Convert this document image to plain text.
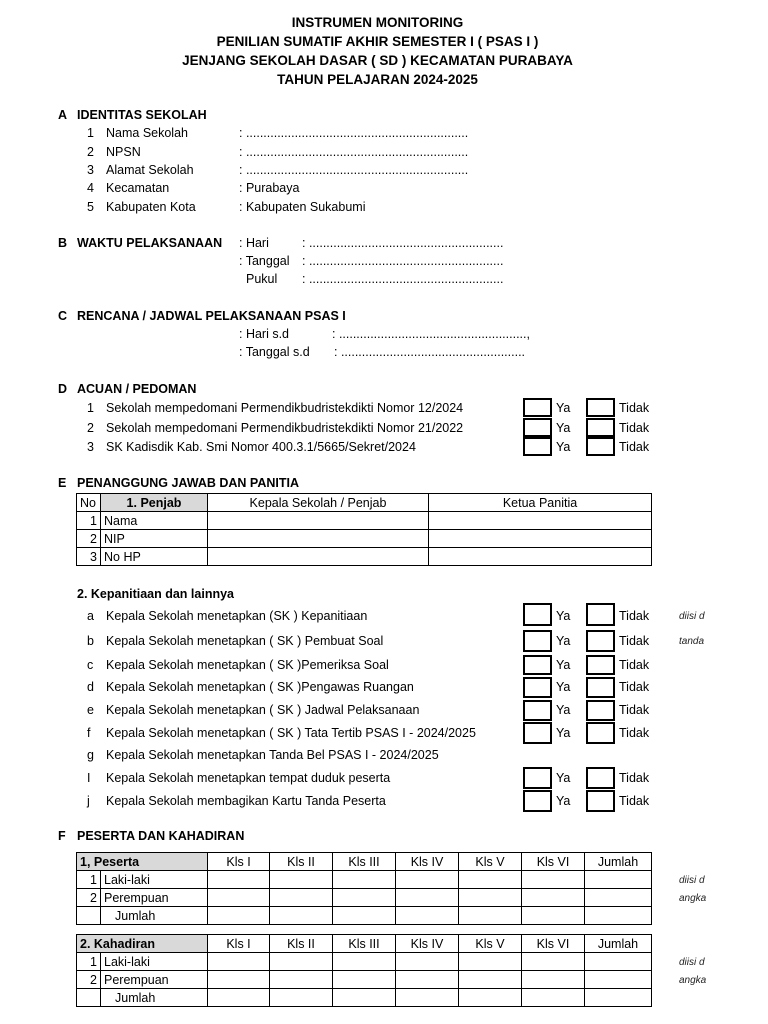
INSTRUMEN MONITORING
PENILIAN SUMATIF AKHIR SEMESTER I ( PSAS I )
JENJANG SEKOLAH DASAR ( SD ) KECAMATAN PURABAYA
TAHUN PELAJARAN 2024-2025
A IDENTITAS SEKOLAH
1 Nama Sekolah	: ................................................................
2 NPSN	: ................................................................
3 Alamat Sekolah	: ................................................................
4 Kecamatan	: Purabaya
5 Kabupaten Kota	: Kabupaten Sukabumi
B WAKTU PELAKSANAAN : Hari	: ........................................................
: Tanggal : ........................................................
Pukul : ........................................................
C RENCANA / JADWAL PELAKSANAAN PSAS I
: Hari s.d	: ......................................................,
: Tanggal s.d : .....................................................
D ACUAN / PEDOMAN
1 Sekolah mempedomani Permendikbudristekdikti Nomor 12/2024	Ya	Tidak
2 Sekolah mempedomani Permendikbudristekdikti Nomor 21/2022	Ya	Tidak
3 SK Kadisdik Kab. Smi Nomor 400.3.1/5665/Sekret/2024	Ya	Tidak
E PENANGGUNG JAWAB DAN PANITIA
No	1. Penjab	Kepala Sekolah / Penjab	Ketua Panitia
1	Nama		
2	NIP		
3	No HP		
2. Kepanitiaan dan lainnya
a Kepala Sekolah menetapkan (SK ) Kepanitiaan	Ya	Tidak	diisi d
b Kepala Sekolah menetapkan ( SK ) Pembuat Soal	Ya	Tidak	tanda
c Kepala Sekolah menetapkan ( SK )Pemeriksa Soal	Ya	Tidak
d Kepala Sekolah menetapkan ( SK )Pengawas Ruangan	Ya	Tidak
e Kepala Sekolah menetapkan ( SK ) Jadwal Pelaksanaan	Ya	Tidak
f Kepala Sekolah menetapkan ( SK ) Tata Tertib PSAS I - 2024/2025	Ya	Tidak
g Kepala Sekolah menetapkan Tanda Bel PSAS I - 2024/2025
I Kepala Sekolah menetapkan tempat duduk peserta	Ya	Tidak
j Kepala Sekolah membagikan Kartu Tanda Peserta	Ya	Tidak
F PESERTA DAN KAHADIRAN
1, Peserta		Kls I	Kls II	Kls III	Kls IV	Kls V	Kls VI	Jumlah
1	Laki-laki							
2	Perempuan							
	Jumlah							
diisi d
angka
2. Kahadiran		Kls I	Kls II	Kls III	Kls IV	Kls V	Kls VI	Jumlah
1	Laki-laki							
2	Perempuan							
	Jumlah							
diisi d
angka
